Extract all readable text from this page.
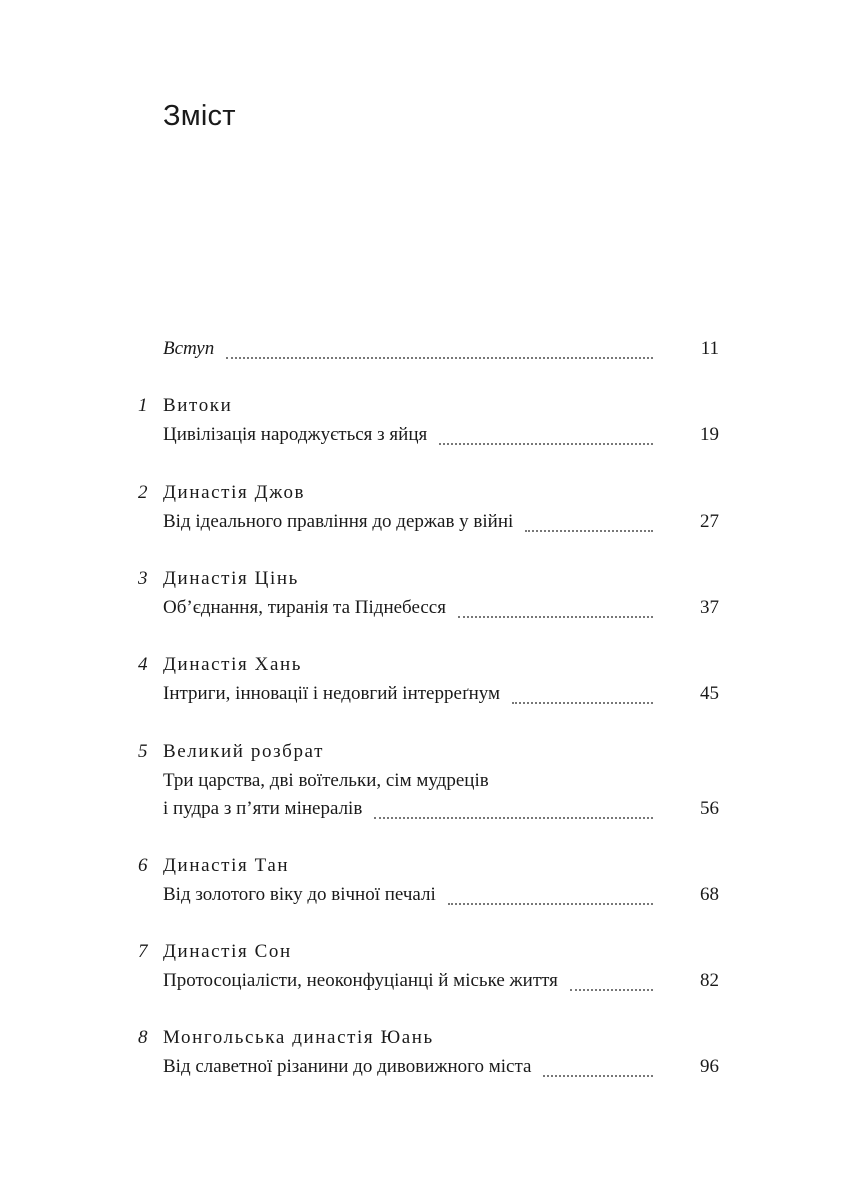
Зміст
Вступ	11
1 Витоки
Цивілізація народжується з яйця	19
2 Династія Джов
Від ідеального правління до держав у війні	27
3 Династія Цінь
Об’єднання, тиранія та Піднебесся	37
4 Династія Хань
Інтриги, інновації і недовгий інтерреґнум	45
5 Великий розбрат
Три царства, дві воїтельки, сім мудреців
і пудра з п’яти мінералів	56
6 Династія Тан
Від золотого віку до вічної печалі	68
7 Династія Сон
Протосоціалісти, неоконфуціанці й міське життя	82
8 Монгольська династія Юань
Від славетної різанини до дивовижного міста	96
